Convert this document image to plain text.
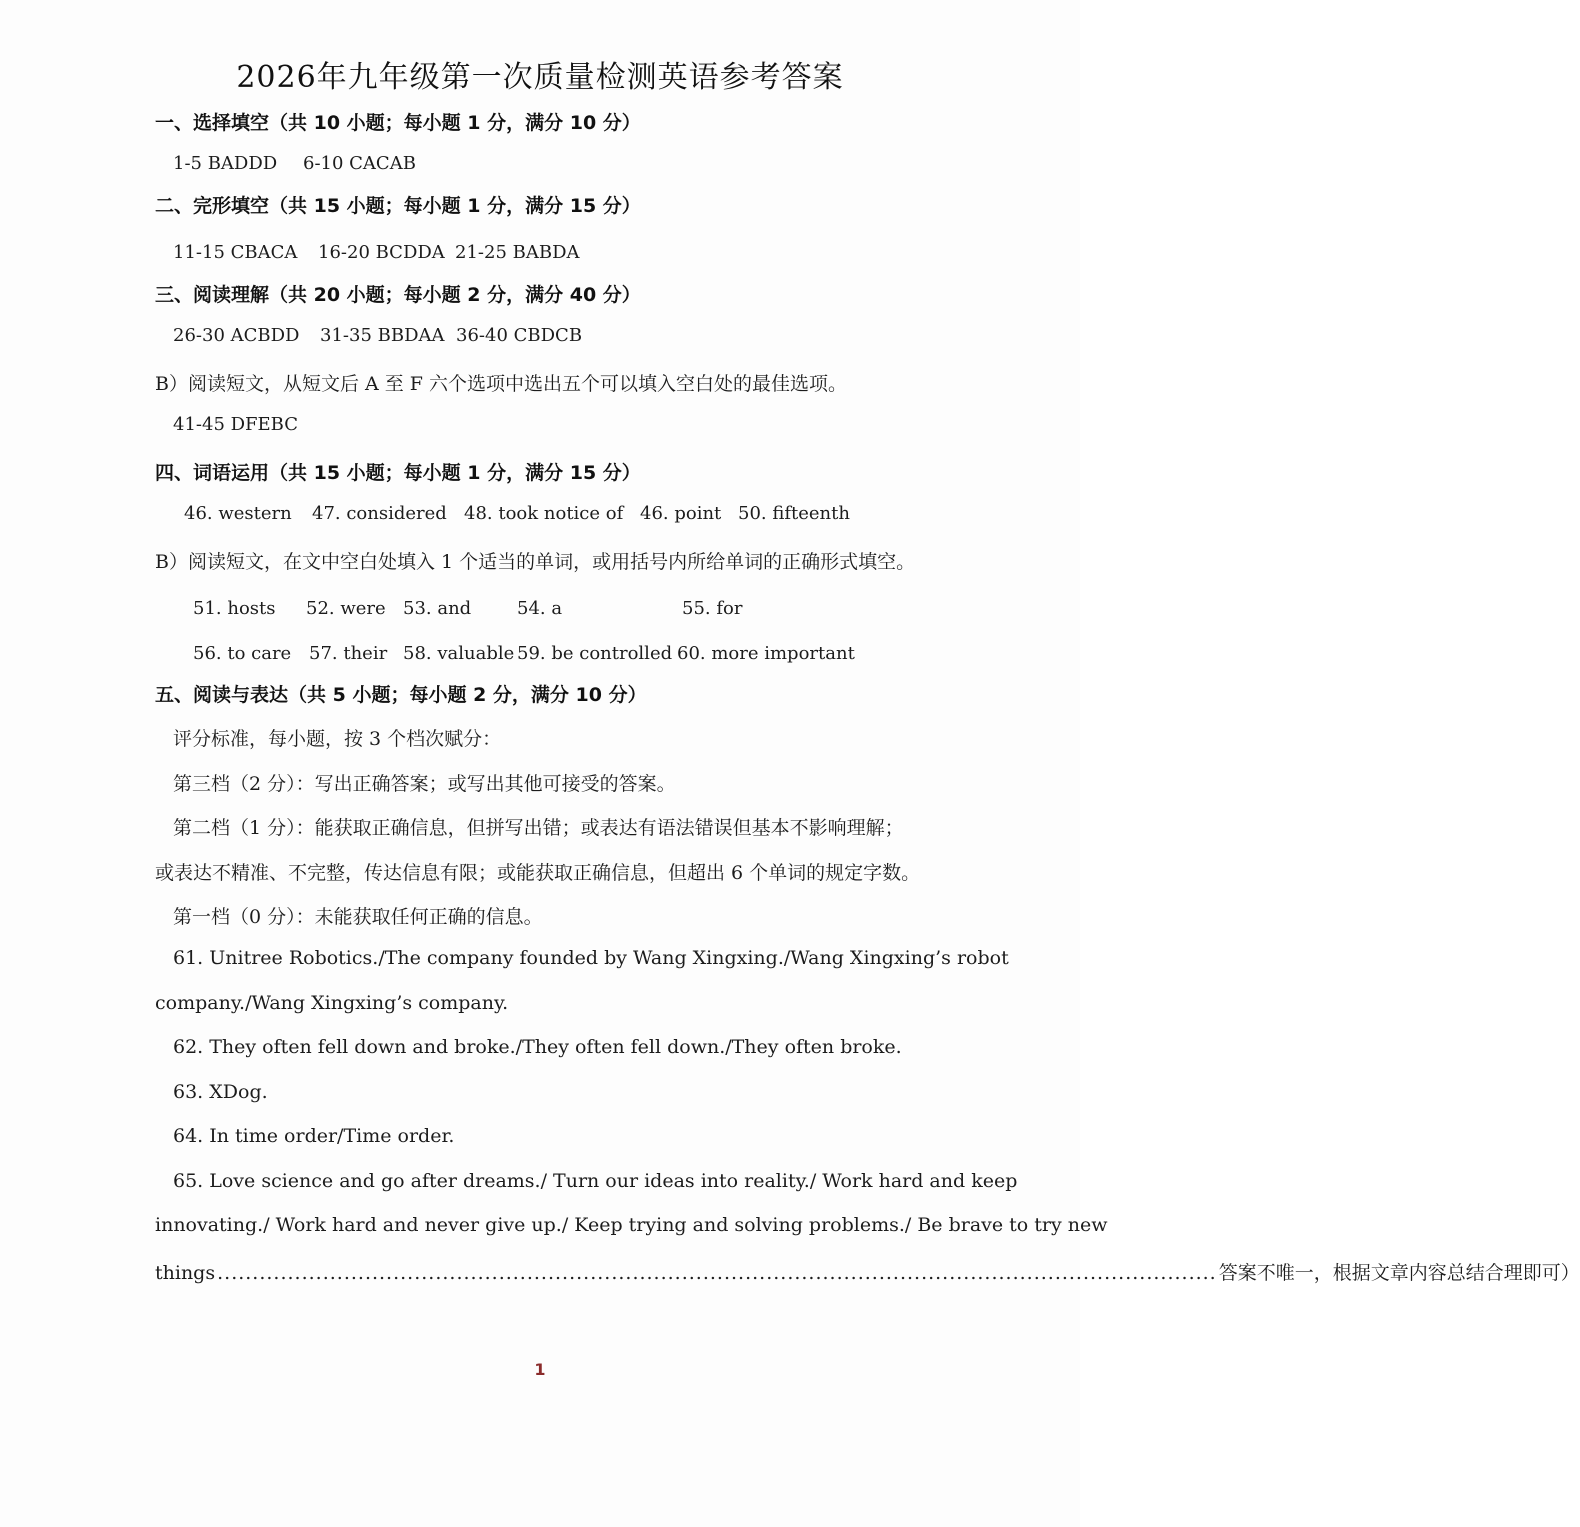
2026年九年级第一次质量检测英语参考答案
一、选择填空（共 10 小题；每小题 1 分，满分 10 分）
1-5 BADDD 6-10 CACAB
二、完形填空（共 15 小题；每小题 1 分，满分 15 分）
11-15 CBACA 16-20 BCDDA 21-25 BABDA
三、阅读理解（共 20 小题；每小题 2 分，满分 40 分）
26-30 ACBDD 31-35 BBDAA 36-40 CBDCB
B）阅读短文，从短文后 A 至 F 六个选项中选出五个可以填入空白处的最佳选项。
41-45 DFEBC
四、词语运用（共 15 小题；每小题 1 分，满分 15 分）
46. western 47. considered 48. took notice of 46. point 50. fifteenth
B）阅读短文，在文中空白处填入 1 个适当的单词，或用括号内所给单词的正确形式填空。
51. hosts 52. were 53. and	54. a	55. for
56. to care 57. their 58. valuable 59. be controlled 60. more important
五、阅读与表达（共 5 小题；每小题 2 分，满分 10 分）
评分标准，每小题，按 3 个档次赋分：
第三档（2 分）：写出正确答案；或写出其他可接受的答案。
第二档（1 分）：能获取正确信息，但拼写出错；或表达有语法错误但基本不影响理解；
或表达不精准、不完整，传达信息有限；或能获取正确信息，但超出 6 个单词的规定字数。
第一档（0 分）：未能获取任何正确的信息。
61. Unitree Robotics./The company founded by Wang Xingxing./Wang Xingxing’s robot
company./Wang Xingxing’s company.
62. They often fell down and broke./They often fell down./They often broke.
63. XDog.
64. In time order/Time order.
65. Love science and go after dreams./ Turn our ideas into reality./ Work hard and keep
innovating./ Work hard and never give up./ Keep trying and solving problems./ Be brave to try new
things .............................................................................................................................................. 答案不唯一，根据文章内容总结合理即可）
1
